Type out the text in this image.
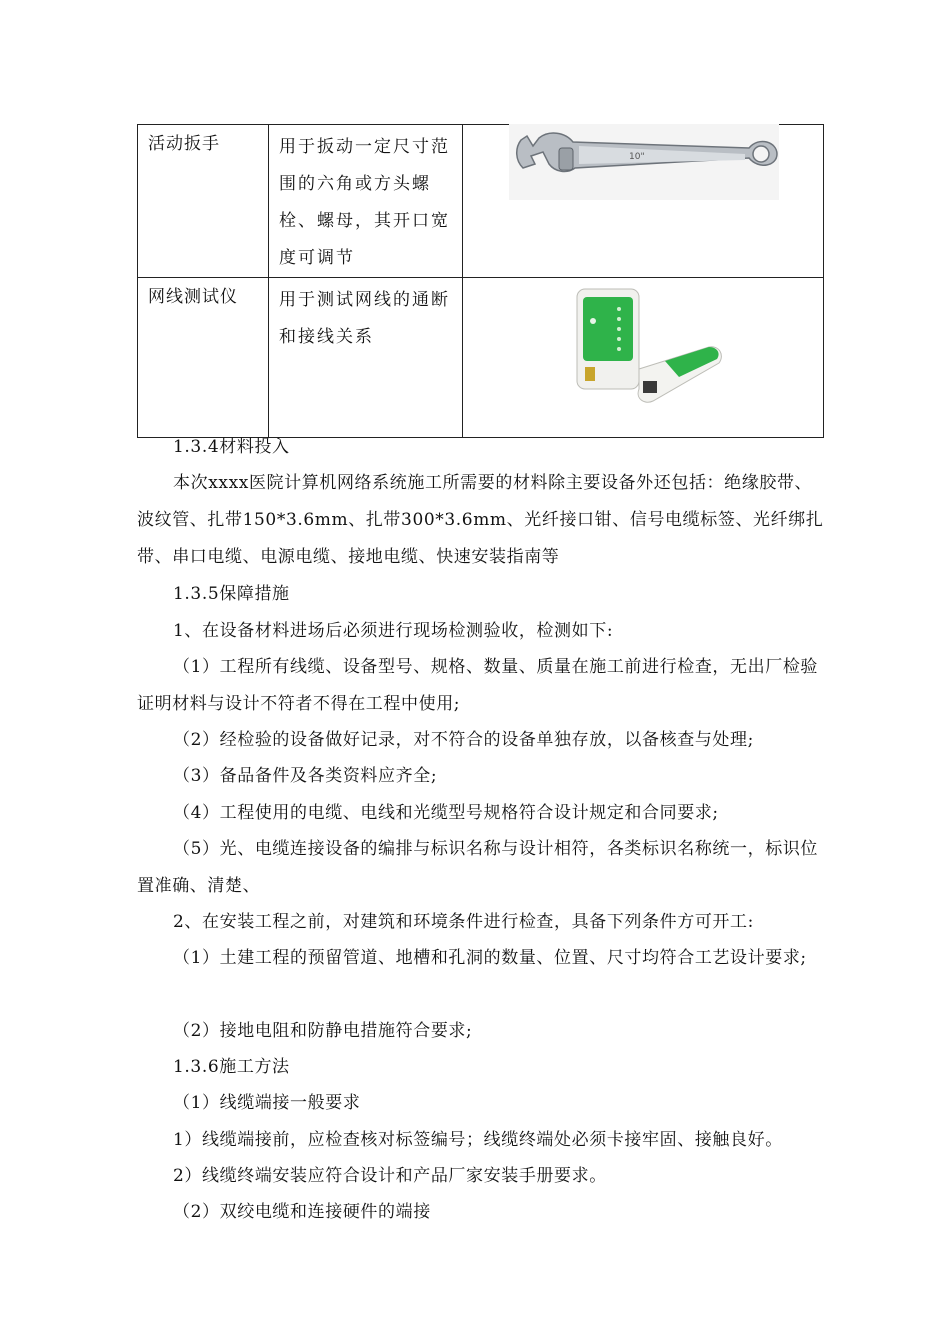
活动扳手	用于扳动一定尺寸范围的六角或方头螺栓、螺母，其开口宽度可调节	10"

网线测试仪	用于测试网线的通断和接线关系

1.3.4材料投入
本次xxxx医院计算机网络系统施工所需要的材料除主要设备外还包括：绝缘胶带、波纹管、扎带150*3.6mm、扎带300*3.6mm、光纤接口钳、信号电缆标签、光纤绑扎带、串口电缆、电源电缆、接地电缆、快速安装指南等
1.3.5保障措施
1、在设备材料进场后必须进行现场检测验收，检测如下:
（1）工程所有线缆、设备型号、规格、数量、质量在施工前进行检查，无出厂检验证明材料与设计不符者不得在工程中使用;
（2）经检验的设备做好记录，对不符合的设备单独存放，以备核查与处理;
（3）备品备件及各类资料应齐全;
（4）工程使用的电缆、电线和光缆型号规格符合设计规定和合同要求;
（5）光、电缆连接设备的编排与标识名称与设计相符，各类标识名称统一，标识位置准确、清楚、
2、在安装工程之前，对建筑和环境条件进行检查，具备下列条件方可开工:
（1）土建工程的预留管道、地槽和孔洞的数量、位置、尺寸均符合工艺设计要求;
（2）接地电阻和防静电措施符合要求;
1.3.6施工方法
（1）线缆端接一般要求
1）线缆端接前，应检查核对标签编号；线缆终端处必须卡接牢固、接触良好。
2）线缆终端安装应符合设计和产品厂家安装手册要求。
（2）双绞电缆和连接硬件的端接
